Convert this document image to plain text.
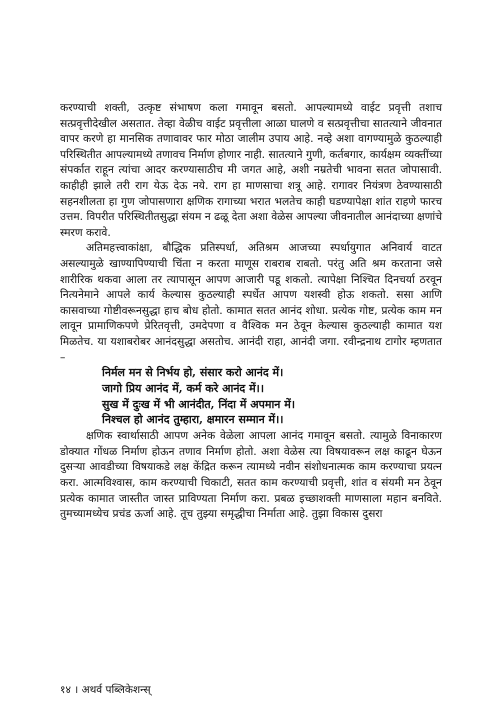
करण्याची शक्ती, उत्कृष्ट संभाषण कला गमावून बसतो. आपल्यामध्ये वाईट प्रवृत्ती तशाच सत्प्रवृत्तीदेखील असतात. तेव्हा वेळीच वाईट प्रवृत्तीला आळा घालणे व सत्प्रवृत्तीचा सातत्याने जीवनात वापर करणे हा मानसिक तणावावर फार मोठा जालीम उपाय आहे. नव्हे अशा वागण्यामुळे कुठल्याही परिस्थितीत आपल्यामध्ये तणावच निर्माण होणार नाही. सातत्याने गुणी, कर्तबगार, कार्यक्षम व्यक्तींच्या संपर्कात राहून त्यांचा आदर करण्यासाठीच मी जगत आहे, अशी नम्रतेची भावना सतत जोपासावी. काहीही झाले तरी राग येऊ देऊ नये. राग हा माणसाचा शत्रू आहे. रागावर नियंत्रण ठेवण्यासाठी सहनशीलता हा गुण जोपासणारा क्षणिक रागाच्या भरात भलतेच काही घडण्यापेक्षा शांत राहणे फारच उत्तम. विपरीत परिस्थितीतसुद्धा संयम न ढळू देता अशा वेळेस आपल्या जीवनातील आनंदाच्या क्षणांचे स्मरण करावे.

अतिमहत्त्वाकांक्षा, बौद्धिक प्रतिस्पर्धा, अतिश्रम आजच्या स्पर्धायुगात अनिवार्य वाटत असल्यामुळे खाण्यापिण्याची चिंता न करता माणूस राबराब राबतो. परंतु अति श्रम करताना जसे शारीरिक थकवा आला तर त्यापासून आपण आजारी पडू शकतो. त्यापेक्षा निश्चित दिनचर्या ठरवून नित्यनेमाने आपले कार्य केल्यास कुठल्याही स्पर्धेत आपण यशस्वी होऊ शकतो. ससा आणि कासवाच्या गोष्टीवरूनसुद्धा हाच बोध होतो. कामात सतत आनंद शोधा. प्रत्येक गोष्ट, प्रत्येक काम मन लावून प्रामाणिकपणे प्रेरितवृत्ती, उमदेपणा व वैश्विक मन ठेवून केल्यास कुठल्याही कामात यश मिळतेच. या यशाबरोबर आनंदसुद्धा असतोच. आनंदी राहा, आनंदी जगा. रवीन्द्रनाथ टागोर म्हणतात –

निर्मल मन से निर्भय हो, संसार करो आनंद में।
जागो प्रिय आनंद में, कर्म करे आनंद में।।
सुख में दुःख में भी आनंदीत, निंदा में अपमान में।
निश्चल हो आनंद तुम्हारा, क्षमारन सम्मान में।।

क्षणिक स्वार्थासाठी आपण अनेक वेळेला आपला आनंद गमावून बसतो. त्यामुळे विनाकारण डोक्यात गोंधळ निर्माण होऊन तणाव निर्माण होतो. अशा वेळेस त्या विषयावरून लक्ष काढून घेऊन दुसऱ्या आवडीच्या विषयाकडे लक्ष केंद्रित करून त्यामध्ये नवीन संशोधनात्मक काम करण्याचा प्रयत्न करा. आत्मविश्वास, काम करण्याची चिकाटी, सतत काम करण्याची प्रवृत्ती, शांत व संयमी मन ठेवून प्रत्येक कामात जास्तीत जास्त प्राविण्यता निर्माण करा. प्रबळ इच्छाशक्ती माणसाला महान बनविते. तुमच्यामध्येच प्रचंड ऊर्जा आहे. तूच तुझ्या समृद्धीचा निर्माता आहे. तुझा विकास दुसरा

१४ । अथर्व पब्लिकेशन्स्
